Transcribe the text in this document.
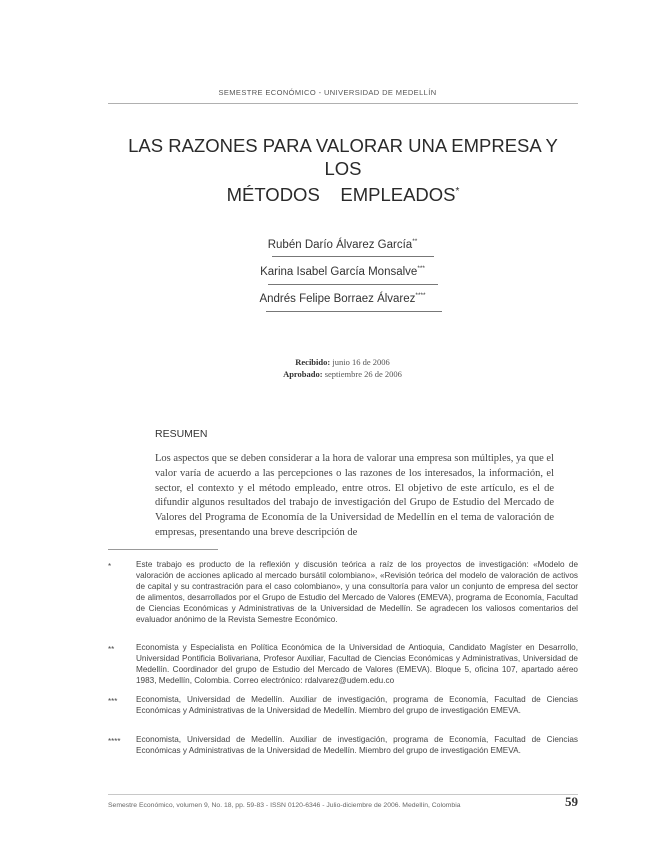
SEMESTRE ECONÓMICO - UNIVERSIDAD DE MEDELLÍN
LAS RAZONES PARA VALORAR UNA EMPRESA Y LOS
MÉTODOS    EMPLEADOS*
Rubén Darío Álvarez García**
Karina Isabel García Monsalve***
Andrés Felipe Borraez Álvarez****
Recibido: junio 16 de 2006
Aprobado: septiembre 26 de 2006
RESUMEN

Los aspectos que se deben considerar a la hora de valorar una empresa son múltiples, ya que el valor varía de acuerdo a las percepciones o las razones de los interesados, la información, el sector, el contexto y el método empleado, entre otros. El objetivo de este artículo, es el de difundir algunos resultados del trabajo de investigación del Grupo de Estudio del Mercado de Valores del Programa de Economía de la Universidad de Medellín en el tema de valoración de empresas, presentando una breve descripción de

*	Este trabajo es producto de la reflexión y discusión teórica a raíz de los proyectos de investigación: «Modelo de valoración de acciones aplicado al mercado bursátil colombiano», «Revisión teórica del modelo de valoración de activos de capital y su contrastración para el caso colombiano», y una consultoría para valor un conjunto de empresa del sector de alimentos, desarrollados por el Grupo de Estudio del Mercado de Valores (EMEVA), programa de Economía, Facultad de Ciencias Económicas y Administrativas de la Universidad de Medellín. Se agradecen los valiosos comentarios del evaluador anónimo de la Revista Semestre Económico.

**	Economista y Especialista en Política Económica de la Universidad de Antioquia, Candidato Magíster en Desarrollo, Universidad Pontificia Bolivariana, Profesor Auxiliar, Facultad de Ciencias Económicas y Administrativas, Universidad de Medellín. Coordinador del grupo de Estudio del Mercado de Valores (EMEVA). Bloque 5, oficina 107, apartado aéreo 1983, Medellín, Colombia. Correo electrónico: rdalvarez@udem.edu.co

*** Economista, Universidad de Medellín. Auxiliar de investigación, programa de Economía, Facultad de Ciencias Económicas y Administrativas de la Universidad de Medellín. Miembro del grupo de investigación EMEVA.

**** Economista, Universidad de Medellín. Auxiliar de investigación, programa de Economía, Facultad de Ciencias Económicas y Administrativas de la Universidad de Medellín. Miembro del grupo de investigación EMEVA.

Semestre Económico, volumen 9, No. 18, pp. 59-83 - ISSN 0120-6346 - Julio-diciembre de 2006. Medellín, Colombia	59
